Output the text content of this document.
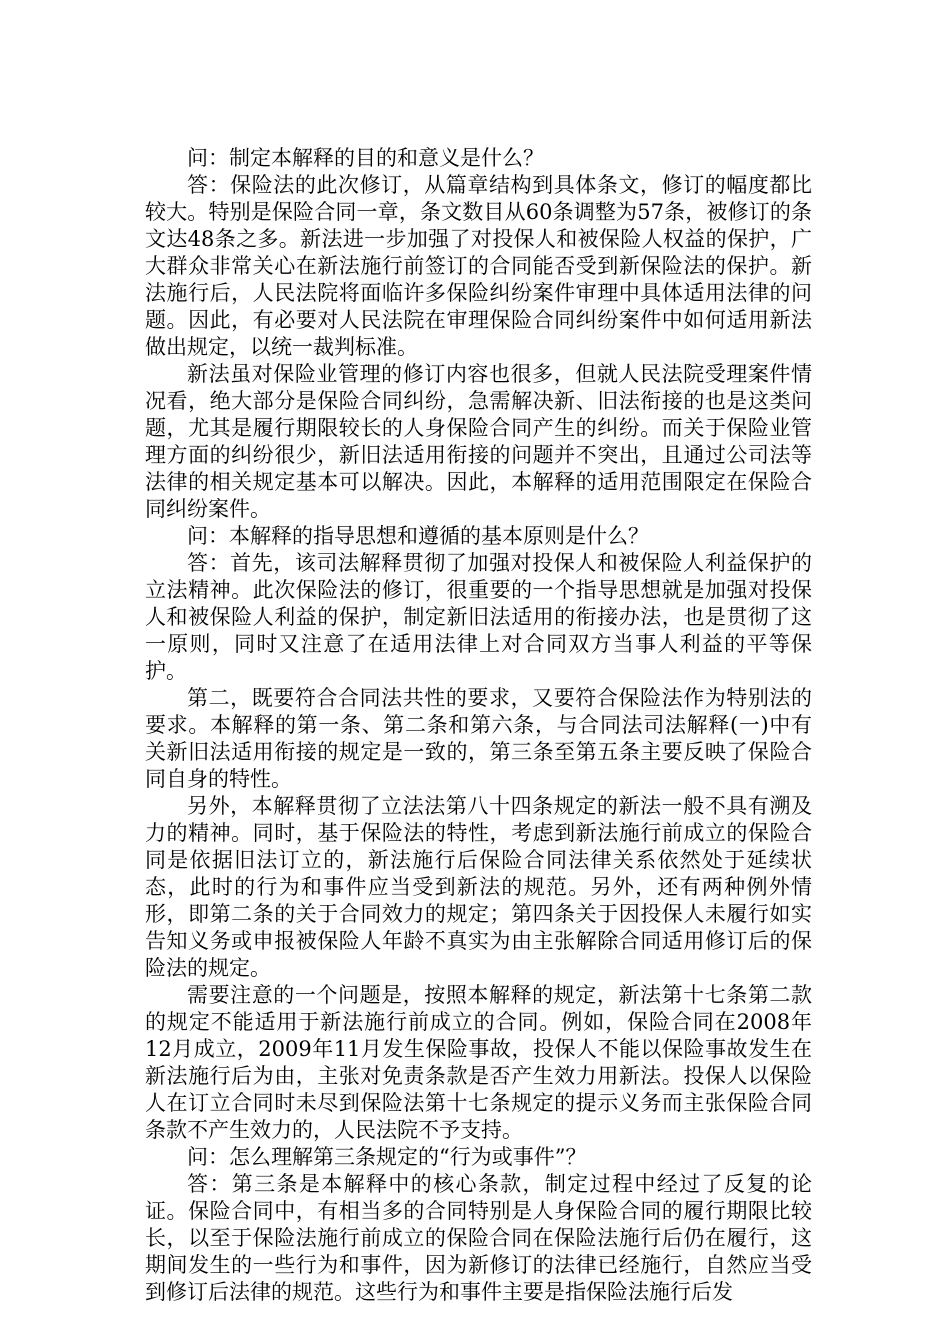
问：制定本解释的目的和意义是什么？

答：保险法的此次修订，从篇章结构到具体条文，修订的幅度都比较大。特别是保险合同一章，条文数目从60条调整为57条，被修订的条文达48条之多。新法进一步加强了对投保人和被保险人权益的保护，广大群众非常关心在新法施行前签订的合同能否受到新保险法的保护。新法施行后，人民法院将面临许多保险纠纷案件审理中具体适用法律的问题。因此，有必要对人民法院在审理保险合同纠纷案件中如何适用新法做出规定，以统一裁判标准。

新法虽对保险业管理的修订内容也很多，但就人民法院受理案件情况看，绝大部分是保险合同纠纷，急需解决新、旧法衔接的也是这类问题，尤其是履行期限较长的人身保险合同产生的纠纷。而关于保险业管理方面的纠纷很少，新旧法适用衔接的问题并不突出，且通过公司法等法律的相关规定基本可以解决。因此，本解释的适用范围限定在保险合同纠纷案件。

问：本解释的指导思想和遵循的基本原则是什么？

答：首先，该司法解释贯彻了加强对投保人和被保险人利益保护的立法精神。此次保险法的修订，很重要的一个指导思想就是加强对投保人和被保险人利益的保护，制定新旧法适用的衔接办法，也是贯彻了这一原则，同时又注意了在适用法律上对合同双方当事人利益的平等保护。

第二，既要符合合同法共性的要求，又要符合保险法作为特别法的要求。本解释的第一条、第二条和第六条，与合同法司法解释(一)中有关新旧法适用衔接的规定是一致的，第三条至第五条主要反映了保险合同自身的特性。

另外，本解释贯彻了立法法第八十四条规定的新法一般不具有溯及力的精神。同时，基于保险法的特性，考虑到新法施行前成立的保险合同是依据旧法订立的，新法施行后保险合同法律关系依然处于延续状态，此时的行为和事件应当受到新法的规范。另外，还有两种例外情形，即第二条的关于合同效力的规定；第四条关于因投保人未履行如实告知义务或申报被保险人年龄不真实为由主张解除合同适用修订后的保险法的规定。

需要注意的一个问题是，按照本解释的规定，新法第十七条第二款的规定不能适用于新法施行前成立的合同。例如，保险合同在2008年12月成立，2009年11月发生保险事故，投保人不能以保险事故发生在新法施行后为由，主张对免责条款是否产生效力用新法。投保人以保险人在订立合同时未尽到保险法第十七条规定的提示义务而主张保险合同条款不产生效力的，人民法院不予支持。

问：怎么理解第三条规定的“行为或事件”？

答：第三条是本解释中的核心条款，制定过程中经过了反复的论证。保险合同中，有相当多的合同特别是人身保险合同的履行期限比较长，以至于保险法施行前成立的保险合同在保险法施行后仍在履行，这期间发生的一些行为和事件，因为新修订的法律已经施行，自然应当受到修订后法律的规范。这些行为和事件主要是指保险法施行后发
